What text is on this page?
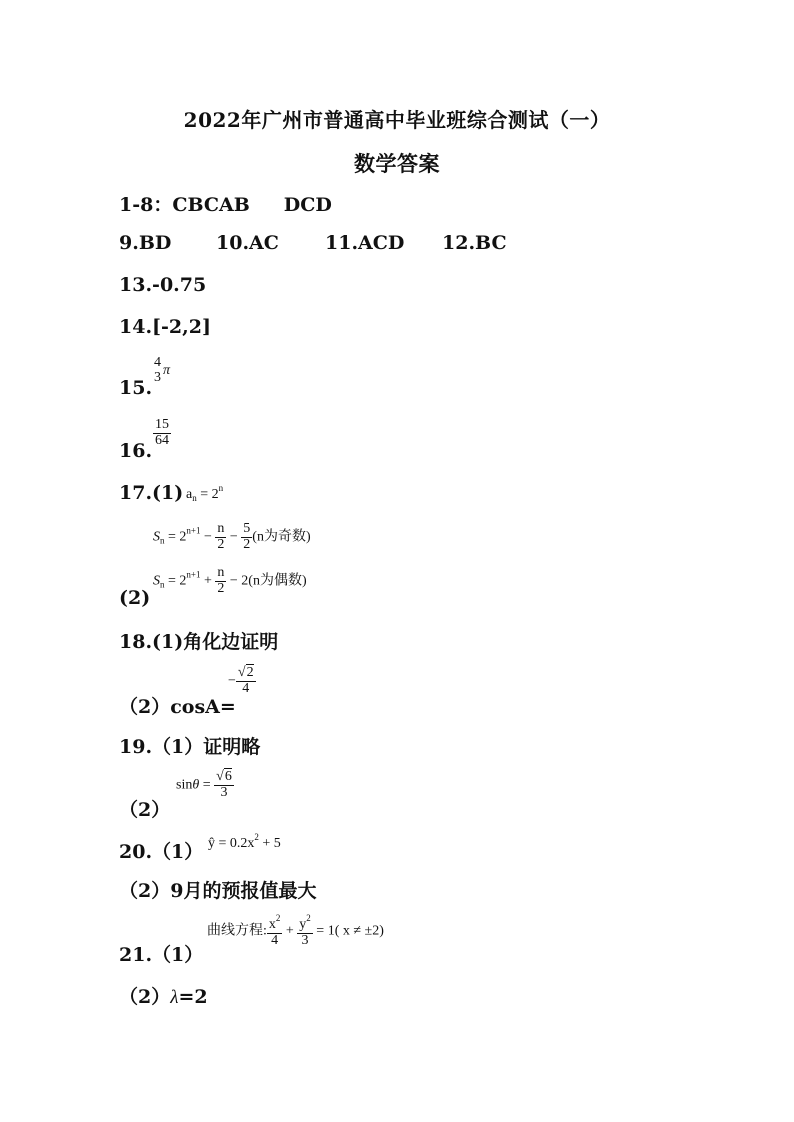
2022年广州市普通高中毕业班综合测试（一）
数学答案
1-8：CBCAB DCD
9.BD 10.AC 11.ACD 12.BC
13.-0.75
14.[-2,2]
15.
4
3 π
16.
$\frac{15}{64}$
17.(1) $a_n = 2^n$
$S_n = 2^{n+1} - \frac{n}{2} - \frac{5}{2} (n$为奇数)
(2)
$S_n = 2^{n+1} + \frac{n}{2} - 2(n$为偶数)
18.(1)角化边证明
（2）cosA=
− $\frac{√2}{4}$
19.（1）证明略
（2）
$\sin\theta = \frac{√6}{3}$
20.（1） ŷ = $0.2x^2 + 5$
（2）9月的预报值最大
21.（1）
曲线方程: $\frac{x^2}{4} + \frac{y^2}{3} = 1$( x ≠ ±2)
（2）λ=2
